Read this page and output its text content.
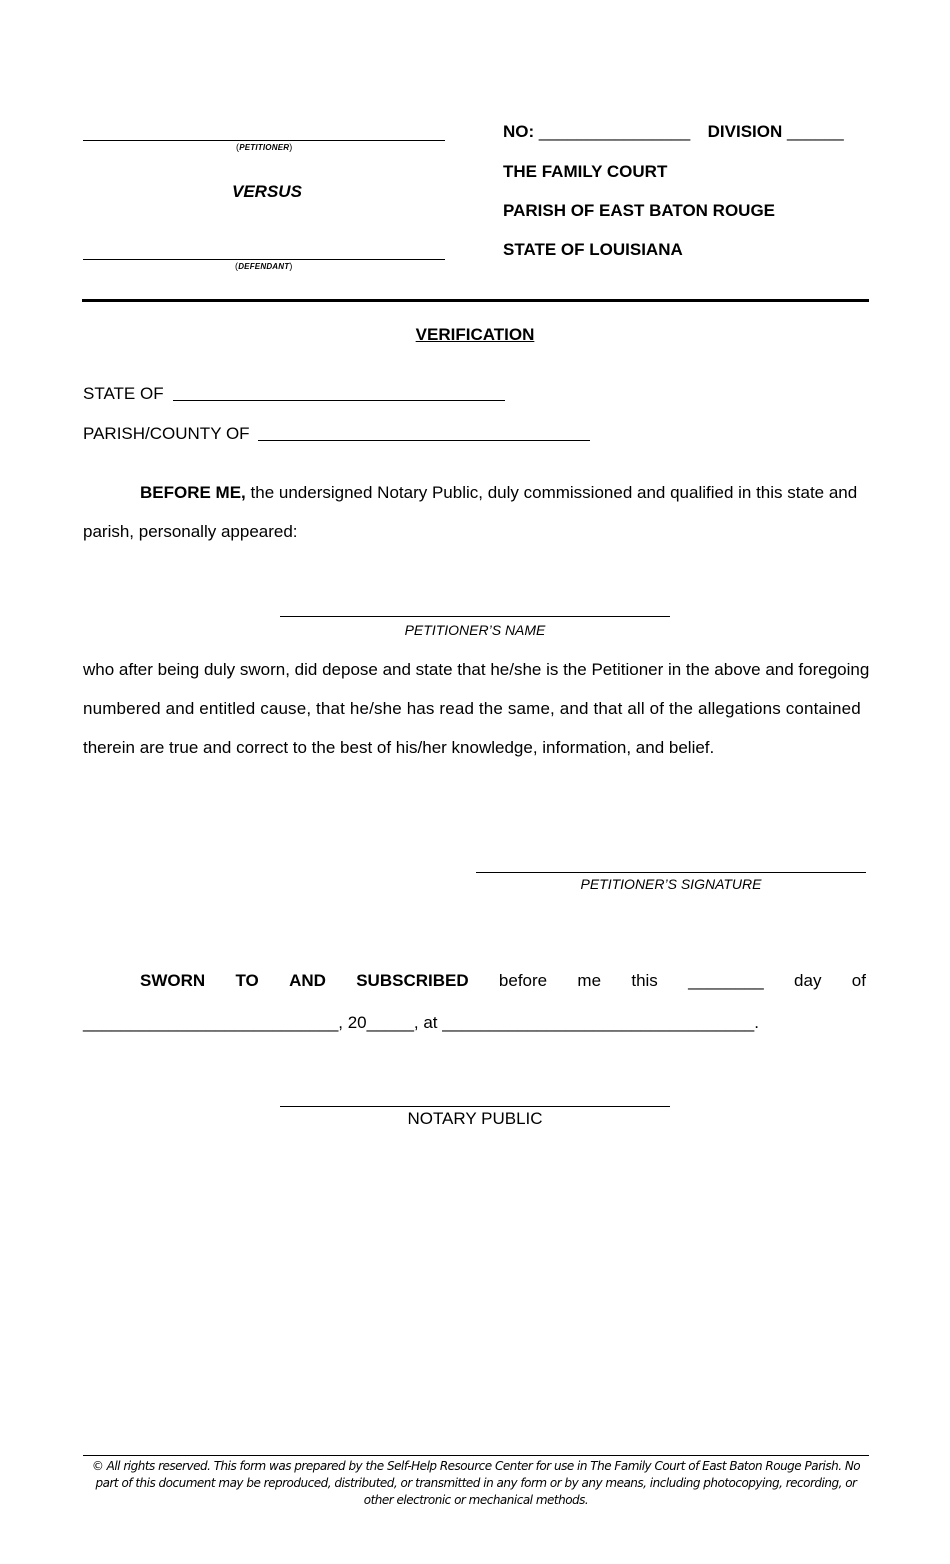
(PETITIONER)
VERSUS
(DEFENDANT)
NO: ________________ DIVISION ______
THE FAMILY COURT
PARISH OF EAST BATON ROUGE
STATE OF LOUISIANA
VERIFICATION
STATE OF
PARISH/COUNTY OF
BEFORE ME, the undersigned Notary Public, duly commissioned and qualified in this state and
parish, personally appeared:
PETITIONER’S NAME
who after being duly sworn, did depose and state that he/she is the Petitioner in the above and foregoing
numbered and entitled cause, that he/she has read the same, and that all of the allegations contained
therein are true and correct to the best of his/her knowledge, information, and belief.
PETITIONER’S SIGNATURE
SWORN TO AND SUBSCRIBED before me this ________ day of
___________________________, 20_____, at _________________________________.
NOTARY PUBLIC
© All rights reserved. This form was prepared by the Self-Help Resource Center for use in The Family Court of East Baton Rouge Parish. No
part of this document may be reproduced, distributed, or transmitted in any form or by any means, including photocopying, recording, or
other electronic or mechanical methods.
